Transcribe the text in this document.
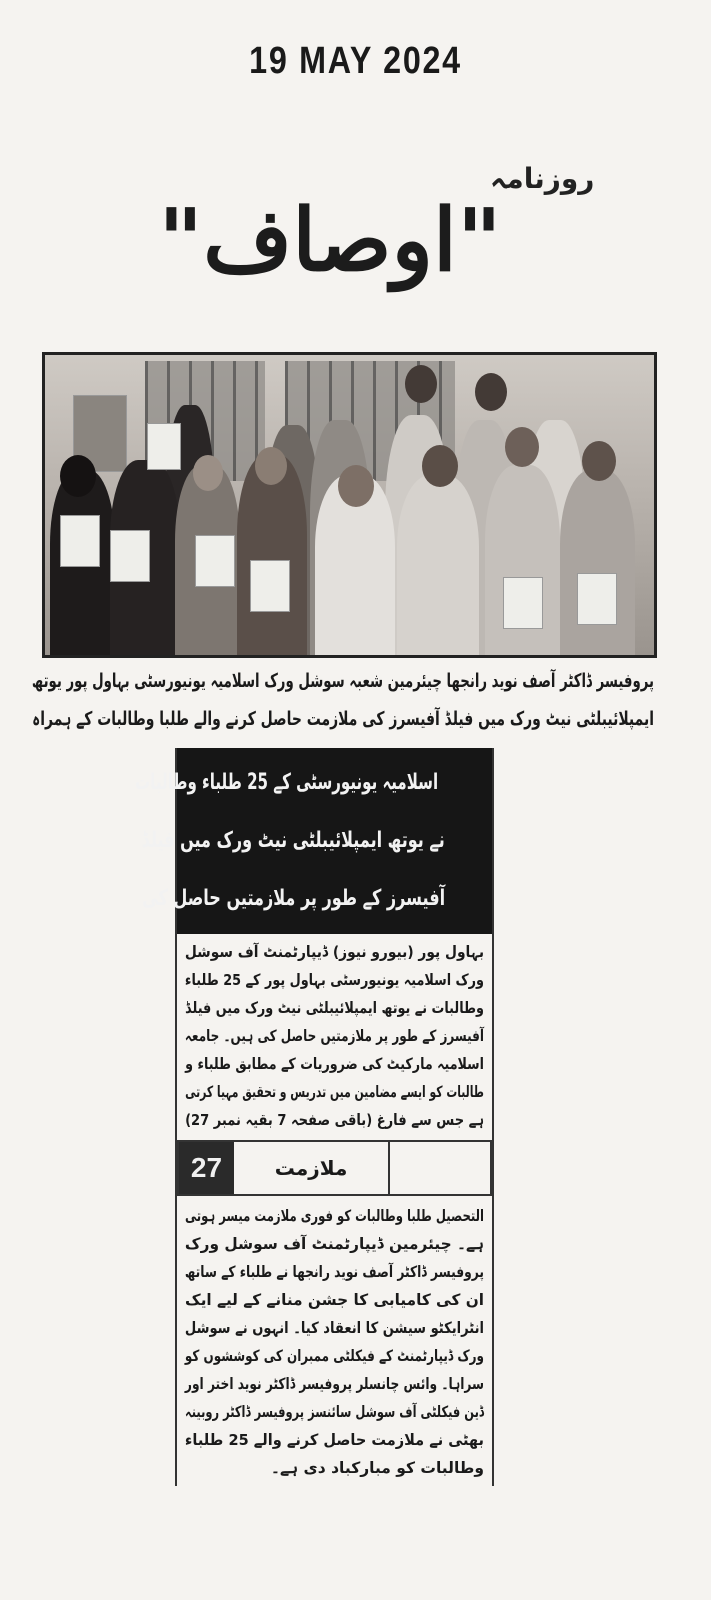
19 MAY 2024
روزنامہ
"اوصاف"
پروفیسر ڈاکٹر آصف نوید رانجھا چیئرمین شعبہ سوشل ورک اسلامیہ یونیورسٹی بہاول پور یوتھ
ایمپلائیبلٹی نیٹ ورک میں فیلڈ آفیسرز کی ملازمت حاصل کرنے والے طلبا وطالبات کے ہمراہ
اسلامیہ یونیورسٹی کے 25 طلباء وطالبات
نے یوتھ ایمپلائیبلٹی نیٹ ورک میں فیلڈ
آفیسرز کے طور پر ملازمتیں حاصل کی
بہاول پور (بیورو نیوز) ڈیپارٹمنٹ آف سوشل
ورک اسلامیہ یونیورسٹی بہاول پور کے 25 طلباء
وطالبات نے یوتھ ایمپلائیبلٹی نیٹ ورک میں فیلڈ
آفیسرز کے طور پر ملازمتیں حاصل کی ہیں۔ جامعہ
اسلامیہ مارکیٹ کی ضروریات کے مطابق طلباء و
طالبات کو ایسے مضامین میں تدریس و تحقیق مہیا کرتی
ہے جس سے فارغ (باقی صفحہ 7 بقیہ نمبر 27)
27	ملازمت
التحصیل طلبا وطالبات کو فوری ملازمت میسر ہوتی
ہے۔ چیئرمین ڈیپارٹمنٹ آف سوشل ورک
پروفیسر ڈاکٹر آصف نوید رانجھا نے طلباء کے ساتھ
ان کی کامیابی کا جشن منانے کے لیے ایک
انٹرایکٹو سیشن کا انعقاد کیا۔ انہوں نے سوشل
ورک ڈیپارٹمنٹ کے فیکلٹی ممبران کی کوششوں کو
سراہا۔ وائس چانسلر پروفیسر ڈاکٹر نوید اختر اور
ڈین فیکلٹی آف سوشل سائنسز پروفیسر ڈاکٹر روبینہ
بھٹی نے ملازمت حاصل کرنے والے 25 طلباء
وطالبات کو مبارکباد دی ہے۔
